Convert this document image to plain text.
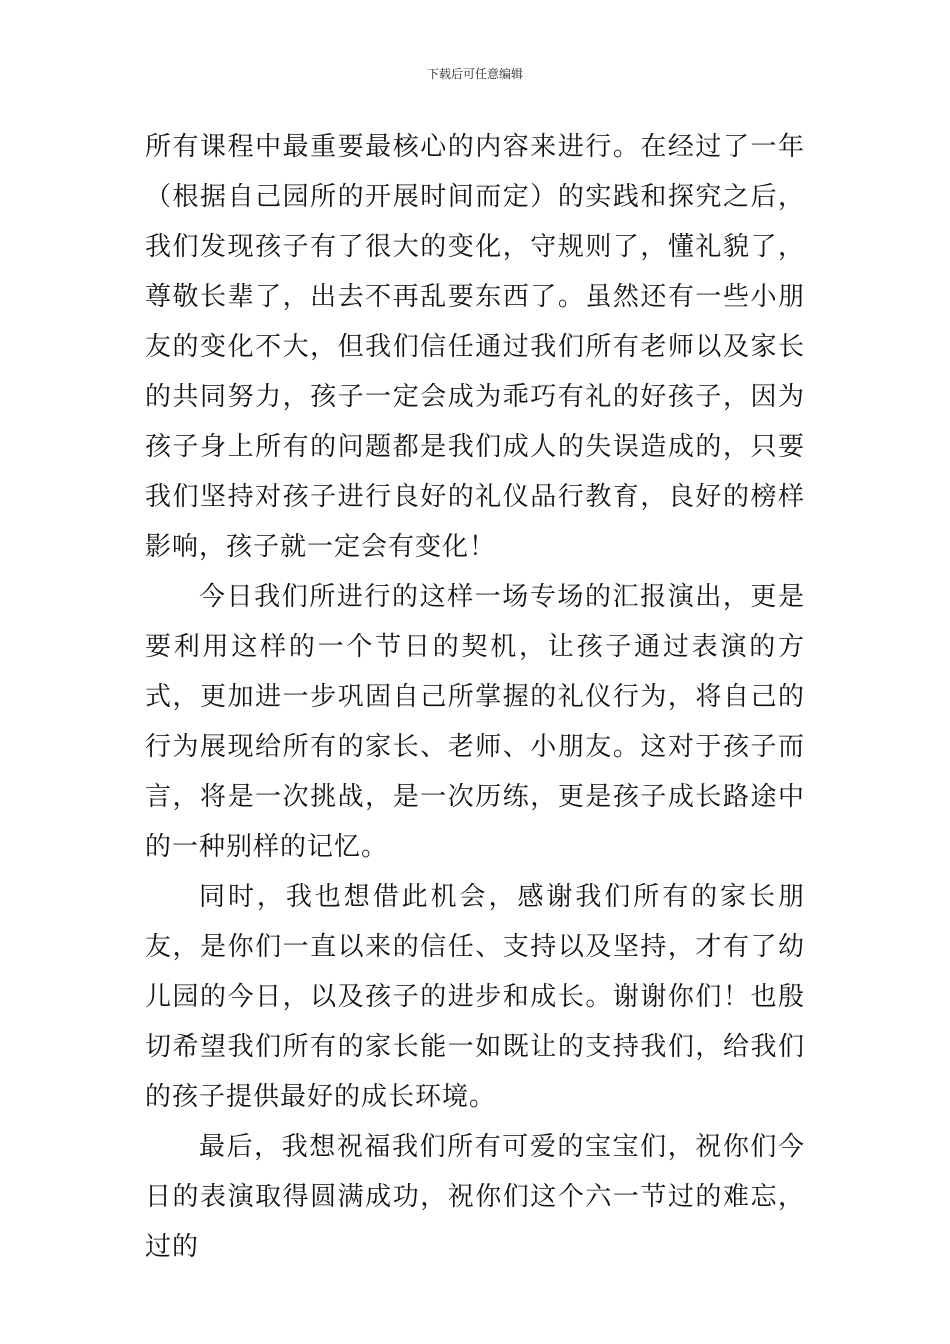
下载后可任意编辑

所有课程中最重要最核心的内容来进行。在经过了一年（根据自己园所的开展时间而定）的实践和探究之后，我们发现孩子有了很大的变化，守规则了，懂礼貌了，尊敬长辈了，出去不再乱要东西了。虽然还有一些小朋友的变化不大，但我们信任通过我们所有老师以及家长的共同努力，孩子一定会成为乖巧有礼的好孩子，因为孩子身上所有的问题都是我们成人的失误造成的，只要我们坚持对孩子进行良好的礼仪品行教育，良好的榜样影响，孩子就一定会有变化！

今日我们所进行的这样一场专场的汇报演出，更是要利用这样的一个节日的契机，让孩子通过表演的方式，更加进一步巩固自己所掌握的礼仪行为，将自己的行为展现给所有的家长、老师、小朋友。这对于孩子而言，将是一次挑战，是一次历练，更是孩子成长路途中的一种别样的记忆。

同时，我也想借此机会，感谢我们所有的家长朋友，是你们一直以来的信任、支持以及坚持，才有了幼儿园的今日，以及孩子的进步和成长。谢谢你们！也殷切希望我们所有的家长能一如既让的支持我们，给我们的孩子提供最好的成长环境。

最后，我想祝福我们所有可爱的宝宝们，祝你们今日的表演取得圆满成功，祝你们这个六一节过的难忘，过的
